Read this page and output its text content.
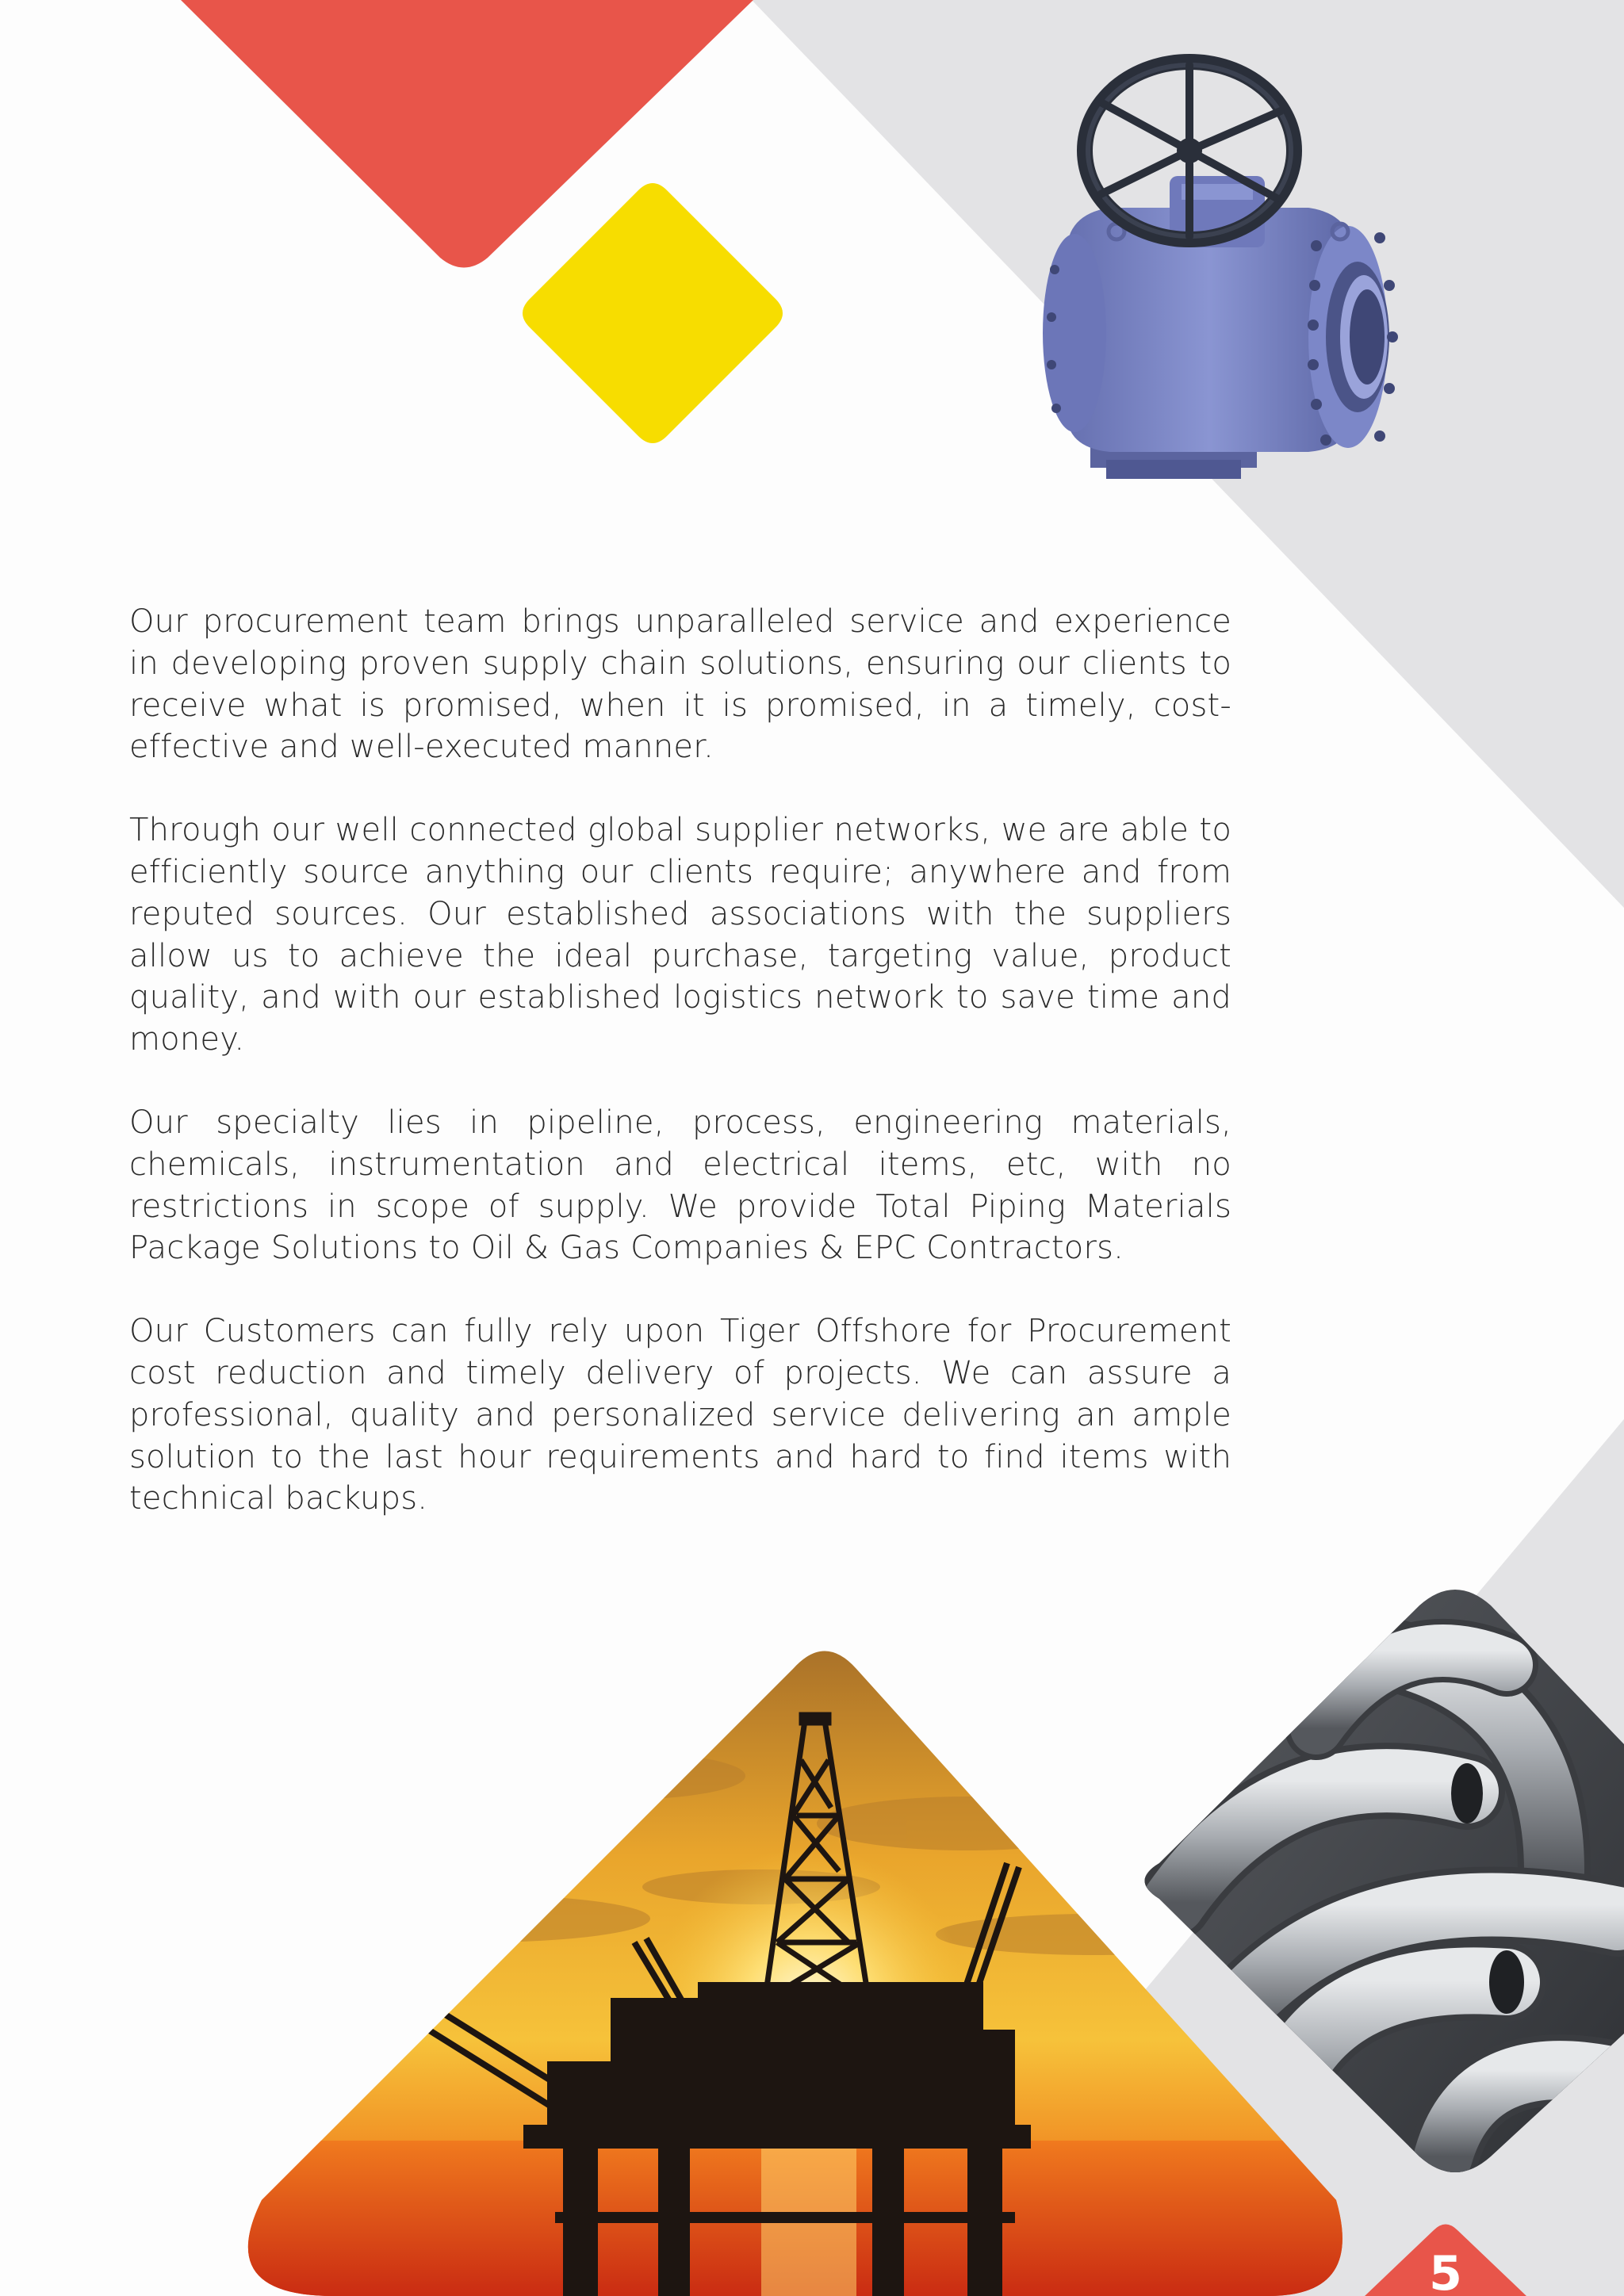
Our procurement team brings unparalleled service and experience in developing proven supply chain solutions, ensuring our clients to receive what is promised, when it is promised, in a timely, cost-effective and well-executed manner.

Through our well connected global supplier networks, we are able to efficiently source anything our clients require; anywhere and from reputed sources. Our established associations with the suppliers allow us to achieve the ideal purchase, targeting value, product quality, and with our established logistics network to save time and money.

Our specialty lies in pipeline, process, engineering materials, chemicals, instrumentation and electrical items, etc, with no restrictions in scope of supply. We provide Total Piping Materials Package Solutions to Oil & Gas Companies & EPC Contractors.

Our Customers can fully rely upon Tiger Offshore for Procurement cost reduction and timely delivery of projects. We can assure a professional, quality and personalized service delivering an ample solution to the last hour requirements and hard to find items with technical backups.

5
